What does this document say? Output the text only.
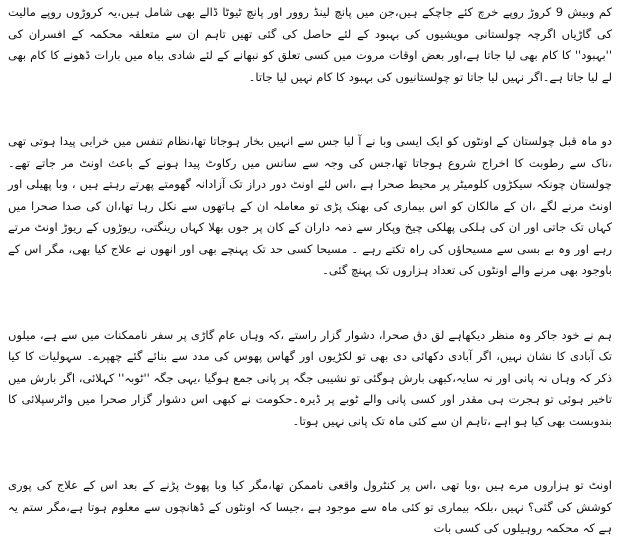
کم وبیش 9 کروڑ روپے خرچ کئے جاچکے ہیں،جن میں پانچ لینڈ روور اور پانچ ٹیوٹا ڈالے بھی شامل ہیں،یہ کروڑوں روپے مالیت کی گاڑیاں اگرچہ چولستانی مویشیوں کی بہبود کے لئے حاصل کی گئی تھیں تاہم ان سے متعلقہ محکمہ کے افسران کی ''بہبود'' کا کام بھی لیا جاتا ہے،اور بعض اوقات مروت میں کسی تعلق کو نبھانے کے لئے شادی بیاہ میں بارات ڈھونے کا کام بھی لے لیا جاتا ہے۔اگر نہیں لیا جاتا تو چولستانیوں کی بہبود کا کام نہیں لیا جاتا۔

دو ماہ قبل چولستان کے اونٹوں کو ایک ایسی وبا نے آ لیا جس سے انہیں بخار ہوجاتا تھا،نظام تنفس میں خرابی پیدا ہوتی تھی ،ناک سے رطوبت کا اخراج شروع ہوجاتا تھا،جس کی وجہ سے سانس میں رکاوٹ پیدا ہونے کے باعث اونٹ مر جاتے تھے۔ چولستان چونکہ سیکڑوں کلومیٹر پر محیط صحرا ہے ،اس لئے اونٹ دور دراز تک آزادانہ گھومتے پھرتے رہتے ہیں ، وبا پھیلی اور اونٹ مرنے لگے ،ان کے مالکان کو اس بیماری کی بھنک پڑی تو معاملہ ان کے ہاتھوں سے نکل رہا تھا،ان کی صدا صحرا میں کہاں تک جاتی اور ان کی ہلکی پھلکی چیخ وپکار سے ذمہ داران کے کان پر جوں بھلا کہاں رینگتی، ریوڑوں کے ریوڑ اونٹ مرتے رہے اور وہ بے بسی سے مسیحاؤں کی راہ تکتے رہے ۔ مسیحا کسی حد تک پہنچے بھی اور انھوں نے علاج کیا بھی، مگر اس کے باوجود بھی مرنے والے اونٹوں کی تعداد ہزاروں تک پہنچ گئی۔

ہم نے خود جاکر وہ منظر دیکھاہے لق دق صحرا، دشوار گزار راستے ،کہ وہاں عام گاڑی پر سفر ناممکنات میں سے ہے، میلوں تک آبادی کا نشان نہیں، اگر آبادی دکھائی دی بھی تو لکڑیوں اور گھاس پھوس کی مدد سے بنائے گئے چھپرے۔ سہولیات کا کیا ذکر کہ وہاں نہ پانی اور نہ سایہ،کبھی بارش ہوگئی تو نشیبی جگہ پر پانی جمع ہوگیا ،یہی جگہ ''ٹوبہ'' کہلائی، اگر بارش میں تاخیر ہوئی تو ہجرت ہی مقدر اور کسی پانی والے ٹوبے پر ڈیرہ۔حکومت نے کبھی اس دشوار گزار صحرا میں واٹرسپلائی کا بندوبست بھی کیا ہو اہے ،تاہم ان سے کئی ماہ تک پانی نہیں ہوتا۔

اونٹ تو ہزاروں مرے ہیں ،وبا تھی ،اس پر کنٹرول واقعی ناممکن تھا،مگر کیا وبا پھوٹ پڑنے کے بعد اس کے علاج کی پوری کوشش کی گئی؟ نہیں ،بلکہ بیماری تو کئی ماہ سے موجود ہے ،جیسا کہ اونٹوں کے ڈھانچوں سے معلوم ہوتا ہے،مگر ستم یہ ہے کہ محکمہ روہیلوں کی کسی بات
